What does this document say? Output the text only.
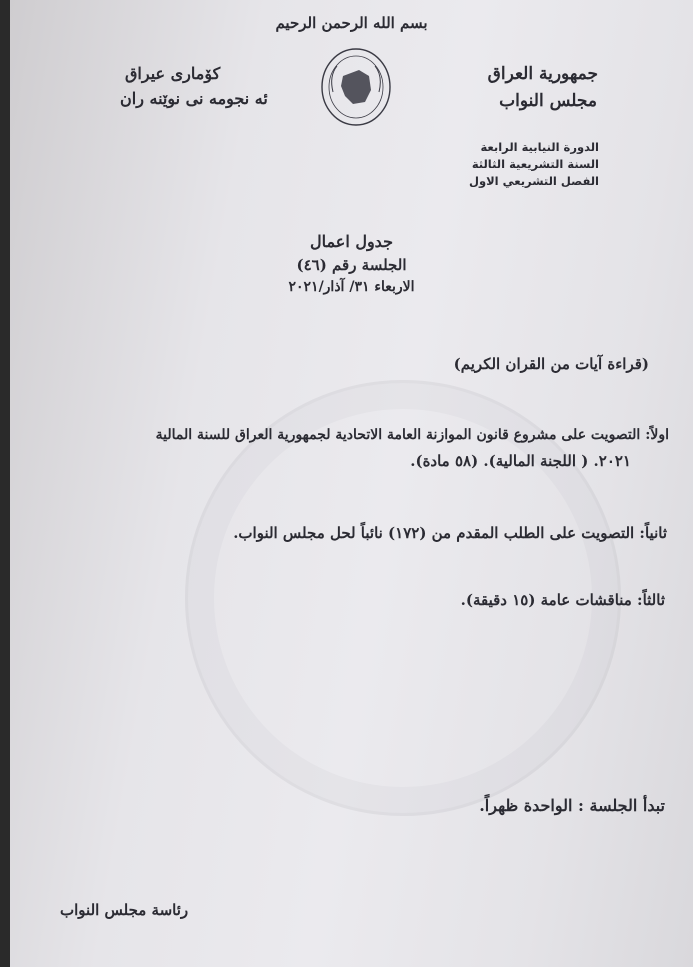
بسم الله الرحمن الرحيم
جمهورية العراق
مجلس النواب
كۆماری عیراق
ئه نجومه نی نوێنه ران
الدورة النيابية الرابعة
السنة التشريعية الثالثة
الفصل التشريعي الاول
جدول اعمال
الجلسة رقم (٤٦)
الاربعاء ٣١/ آذار/٢٠٢١
(قراءة آيات من القران الكريم)
اولاً: التصويت على مشروع قانون الموازنة العامة الاتحادية لجمهورية العراق للسنة المالية
٢٠٢١. ( اللجنة المالية). (٥٨ مادة).
ثانياً: التصويت على الطلب المقدم من (١٧٢) نائباً لحل مجلس النواب.
ثالثاً: مناقشات عامة (١٥ دقيقة).
تبدأ الجلسة : الواحدة ظهراً.
رئاسة مجلس النواب
